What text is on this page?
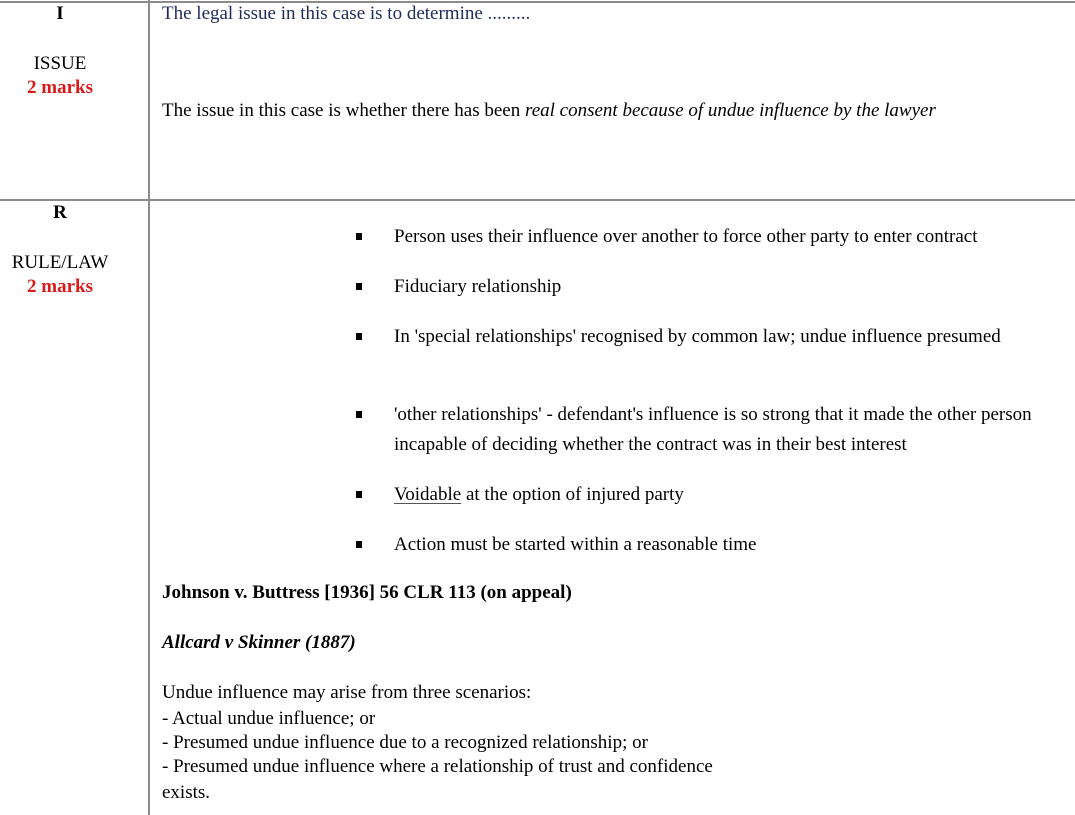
I
ISSUE
2 marks
The legal issue in this case is to determine .........
The issue in this case is whether there has been real consent because of undue influence by the lawyer
R
RULE/LAW
2 marks
Person uses their influence over another to force other party to enter contract
Fiduciary relationship
In 'special relationships' recognised by common law; undue influence presumed
'other relationships' - defendant's influence is so strong that it made the other person incapable of deciding whether the contract was in their best interest
Voidable at the option of injured party
Action must be started within a reasonable time
Johnson v. Buttress [1936] 56 CLR 113 (on appeal)
Allcard v Skinner (1887)
Undue influence may arise from three scenarios:
- Actual undue influence; or
- Presumed undue influence due to a recognized relationship; or
- Presumed undue influence where a relationship of trust and confidence
exists.
